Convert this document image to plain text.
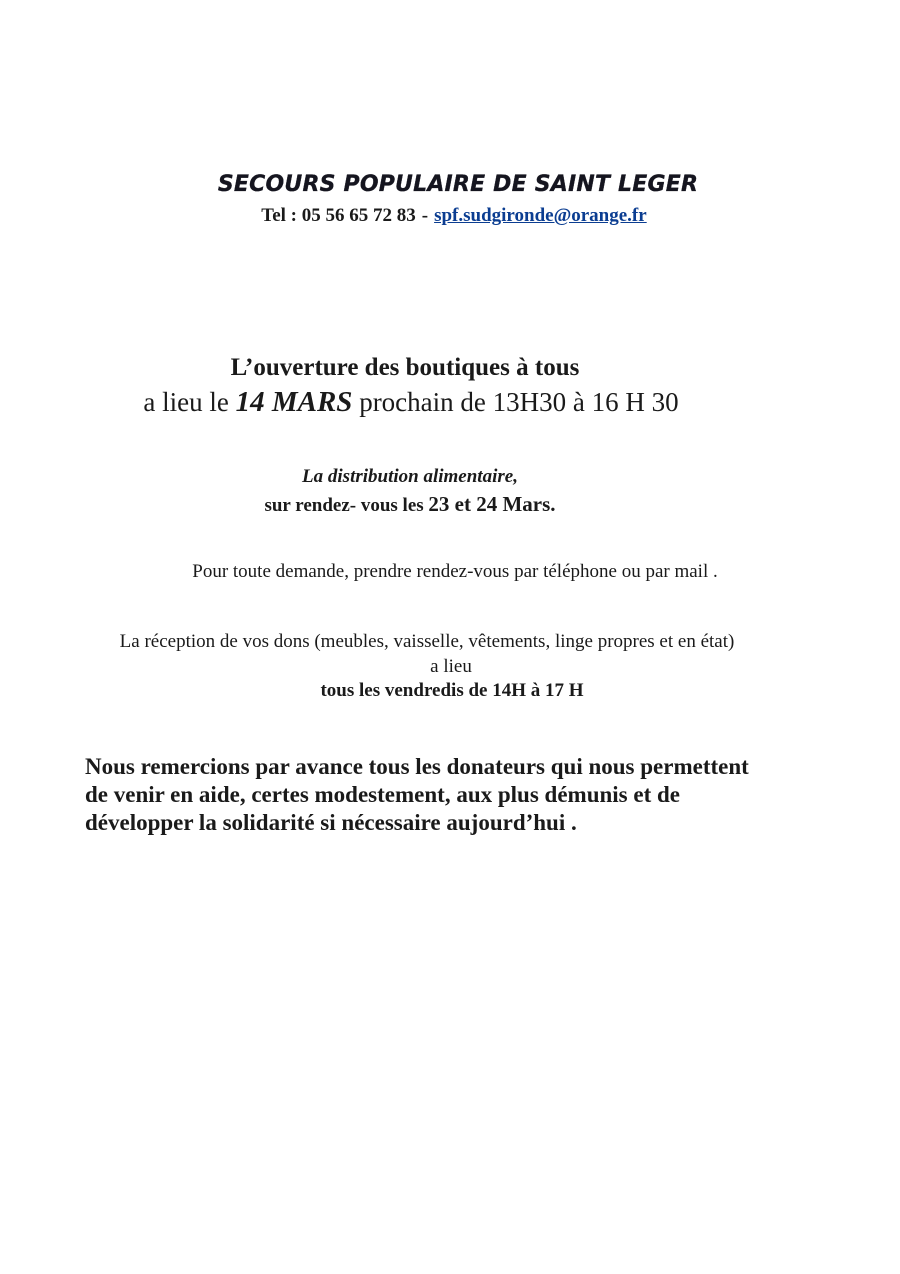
SECOURS POPULAIRE DE SAINT LEGER
Tel : 05 56 65 72 83 - spf.sudgironde@orange.fr
L’ouverture des boutiques à tous
a lieu le 14 MARS prochain de 13H30 à 16 H 30
La distribution alimentaire,
sur rendez- vous les 23 et 24 Mars.
Pour toute demande, prendre rendez-vous par téléphone ou par mail .
La réception de vos dons (meubles, vaisselle, vêtements, linge propres et en état)
a lieu
tous les vendredis de 14H à 17 H

Nous remercions par avance tous les donateurs qui nous permettent
de venir en aide, certes modestement, aux plus démunis et de
développer la solidarité si nécessaire aujourd’hui .
